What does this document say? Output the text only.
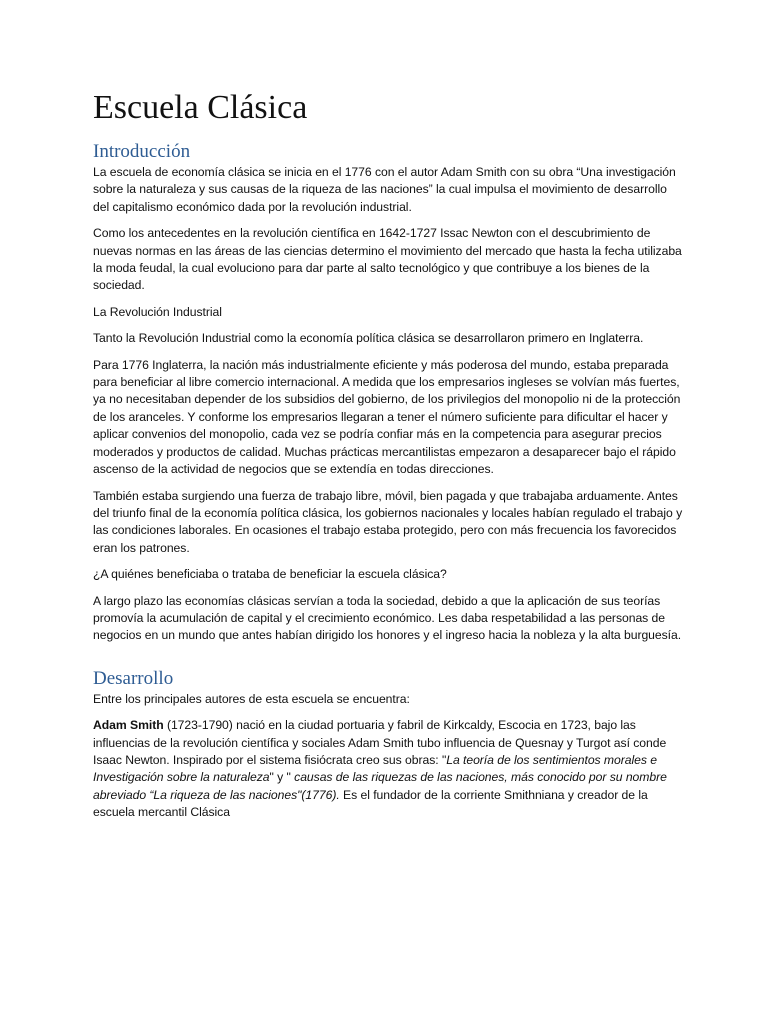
Escuela Clásica
Introducción

La escuela de economía clásica se inicia en el 1776 con el autor Adam Smith con su obra “Una investigación sobre la naturaleza y sus causas de la riqueza de las naciones” la cual impulsa el movimiento de desarrollo del capitalismo económico dada por la revolución industrial.

Como los antecedentes en la revolución científica en 1642-1727 Issac Newton con el descubrimiento de nuevas normas en las áreas de las ciencias determino el movimiento del mercado que hasta la fecha utilizaba la moda feudal, la cual evoluciono para dar parte al salto tecnológico y que contribuye a los bienes de la sociedad.

La Revolución Industrial

Tanto la Revolución Industrial como la economía política clásica se desarrollaron primero en Inglaterra.

Para 1776 Inglaterra, la nación más industrialmente eficiente y más poderosa del mundo, estaba preparada para beneficiar al libre comercio internacional. A medida que los empresarios ingleses se volvían más fuertes, ya no necesitaban depender de los subsidios del gobierno, de los privilegios del monopolio ni de la protección de los aranceles. Y conforme los empresarios llegaran a tener el número suficiente para dificultar el hacer y aplicar convenios del monopolio, cada vez se podría confiar más en la competencia para asegurar precios moderados y productos de calidad. Muchas prácticas mercantilistas empezaron a desaparecer bajo el rápido ascenso de la actividad de negocios que se extendía en todas direcciones.

También estaba surgiendo una fuerza de trabajo libre, móvil, bien pagada y que trabajaba arduamente. Antes del triunfo final de la economía política clásica, los gobiernos nacionales y locales habían regulado el trabajo y las condiciones laborales. En ocasiones el trabajo estaba protegido, pero con más frecuencia los favorecidos eran los patrones.

¿A quiénes beneficiaba o trataba de beneficiar la escuela clásica?

A largo plazo las economías clásicas servían a toda la sociedad, debido a que la aplicación de sus teorías promovía la acumulación de capital y el crecimiento económico. Les daba respetabilidad a las personas de negocios en un mundo que antes habían dirigido los honores y el ingreso hacia la nobleza y la alta burguesía.

Desarrollo

Entre los principales autores de esta escuela se encuentra:

Adam Smith (1723-1790) nació en la ciudad portuaria y fabril de Kirkcaldy, Escocia en 1723, bajo las influencias de la revolución científica y sociales Adam Smith tubo influencia de Quesnay y Turgot así conde Isaac Newton. Inspirado por el sistema fisiócrata creo sus obras: "La teoría de los sentimientos morales e Investigación sobre la naturaleza" y " causas de las riquezas de las naciones, más conocido por su nombre abreviado “La riqueza de las naciones"(1776). Es el fundador de la corriente Smithniana y creador de la escuela mercantil Clásica
